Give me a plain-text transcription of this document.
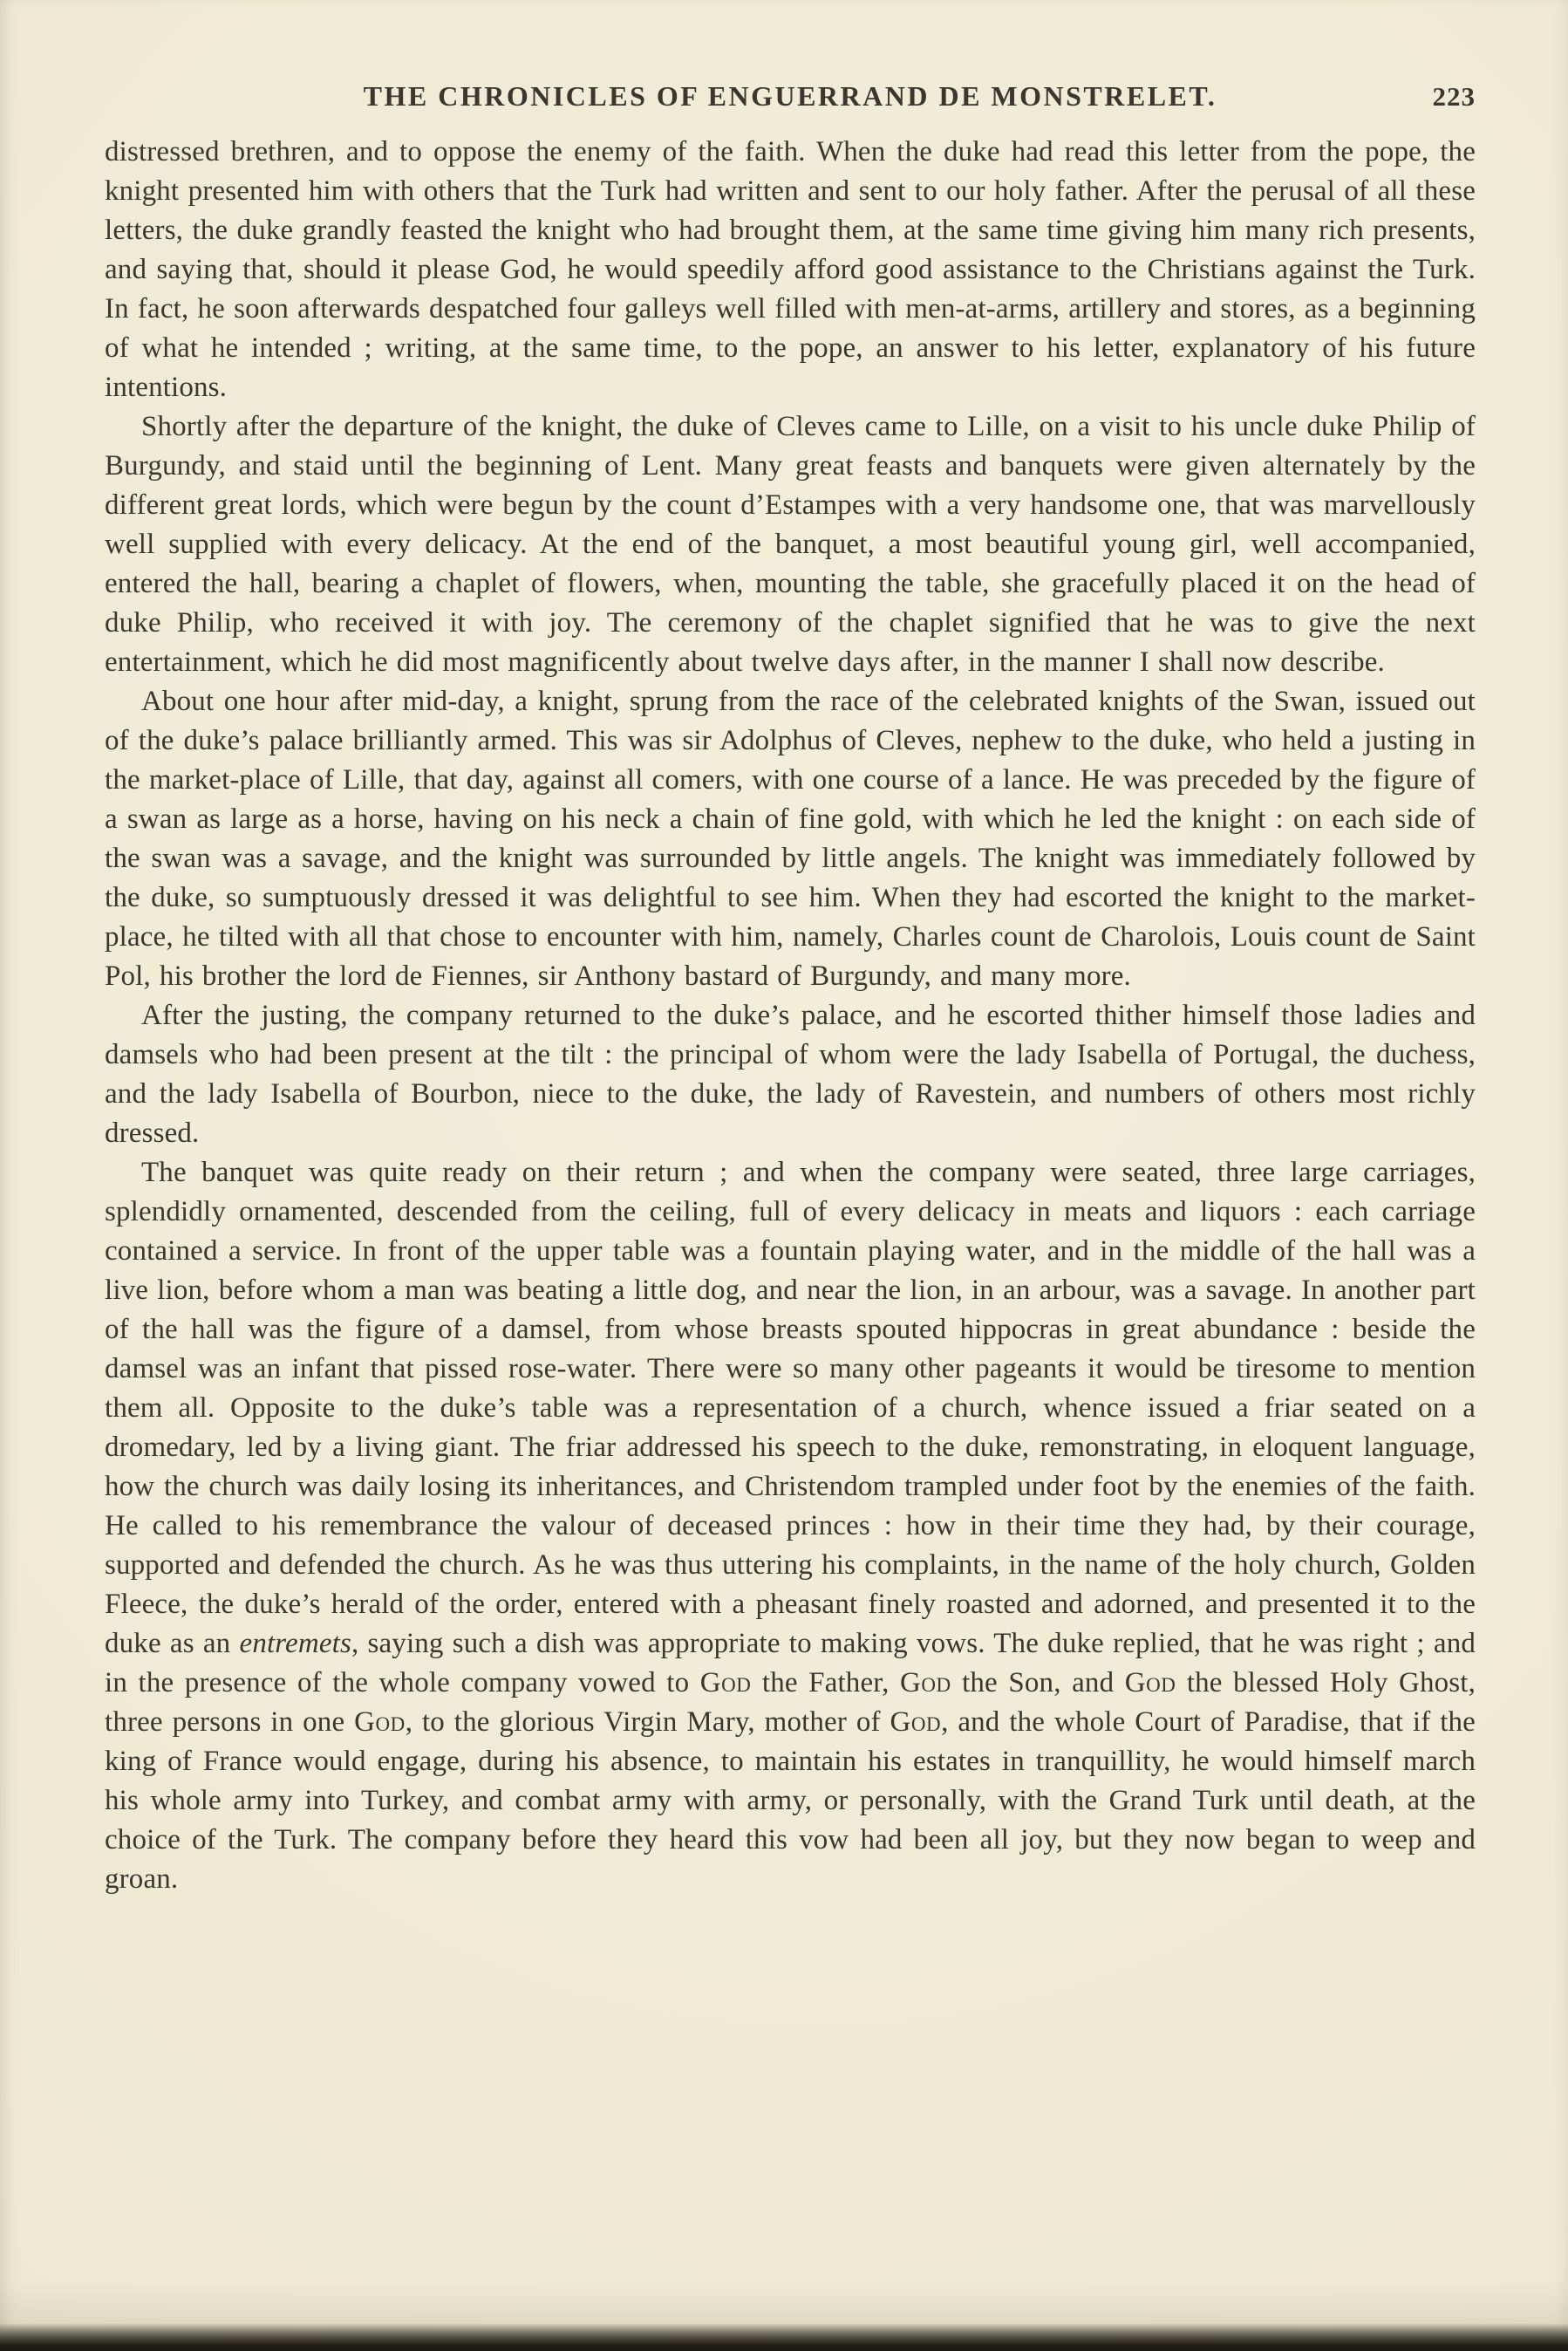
THE CHRONICLES OF ENGUERRAND DE MONSTRELET.	223

distressed brethren, and to oppose the enemy of the faith. When the duke had read this letter from the pope, the knight presented him with others that the Turk had written and sent to our holy father. After the perusal of all these letters, the duke grandly feasted the knight who had brought them, at the same time giving him many rich presents, and saying that, should it please God, he would speedily afford good assistance to the Christians against the Turk. In fact, he soon afterwards despatched four galleys well filled with men-at-arms, artillery and stores, as a beginning of what he intended ; writing, at the same time, to the pope, an answer to his letter, explanatory of his future intentions.

Shortly after the departure of the knight, the duke of Cleves came to Lille, on a visit to his uncle duke Philip of Burgundy, and staid until the beginning of Lent. Many great feasts and banquets were given alternately by the different great lords, which were begun by the count d’Estampes with a very handsome one, that was marvellously well supplied with every delicacy. At the end of the banquet, a most beautiful young girl, well accompanied, entered the hall, bearing a chaplet of flowers, when, mounting the table, she gracefully placed it on the head of duke Philip, who received it with joy. The ceremony of the chaplet signified that he was to give the next entertainment, which he did most magnificently about twelve days after, in the manner I shall now describe.

About one hour after mid-day, a knight, sprung from the race of the celebrated knights of the Swan, issued out of the duke’s palace brilliantly armed. This was sir Adolphus of Cleves, nephew to the duke, who held a justing in the market-place of Lille, that day, against all comers, with one course of a lance. He was preceded by the figure of a swan as large as a horse, having on his neck a chain of fine gold, with which he led the knight : on each side of the swan was a savage, and the knight was surrounded by little angels. The knight was immediately followed by the duke, so sumptuously dressed it was delightful to see him. When they had escorted the knight to the market-place, he tilted with all that chose to encounter with him, namely, Charles count de Charolois, Louis count de Saint Pol, his brother the lord de Fiennes, sir Anthony bastard of Burgundy, and many more.

After the justing, the company returned to the duke’s palace, and he escorted thither himself those ladies and damsels who had been present at the tilt : the principal of whom were the lady Isabella of Portugal, the duchess, and the lady Isabella of Bourbon, niece to the duke, the lady of Ravestein, and numbers of others most richly dressed.

The banquet was quite ready on their return ; and when the company were seated, three large carriages, splendidly ornamented, descended from the ceiling, full of every delicacy in meats and liquors : each carriage contained a service. In front of the upper table was a fountain playing water, and in the middle of the hall was a live lion, before whom a man was beating a little dog, and near the lion, in an arbour, was a savage. In another part of the hall was the figure of a damsel, from whose breasts spouted hippocras in great abundance : beside the damsel was an infant that pissed rose-water. There were so many other pageants it would be tiresome to mention them all. Opposite to the duke’s table was a representation of a church, whence issued a friar seated on a dromedary, led by a living giant. The friar addressed his speech to the duke, remonstrating, in eloquent language, how the church was daily losing its inheritances, and Christendom trampled under foot by the enemies of the faith. He called to his remembrance the valour of deceased princes : how in their time they had, by their courage, supported and defended the church. As he was thus uttering his complaints, in the name of the holy church, Golden Fleece, the duke’s herald of the order, entered with a pheasant finely roasted and adorned, and presented it to the duke as an entremets, saying such a dish was appropriate to making vows. The duke replied, that he was right ; and in the presence of the whole company vowed to God the Father, God the Son, and God the blessed Holy Ghost, three persons in one God, to the glorious Virgin Mary, mother of God, and the whole Court of Paradise, that if the king of France would engage, during his absence, to maintain his estates in tranquillity, he would himself march his whole army into Turkey, and combat army with army, or personally, with the Grand Turk until death, at the choice of the Turk. The company before they heard this vow had been all joy, but they now began to weep and groan.
